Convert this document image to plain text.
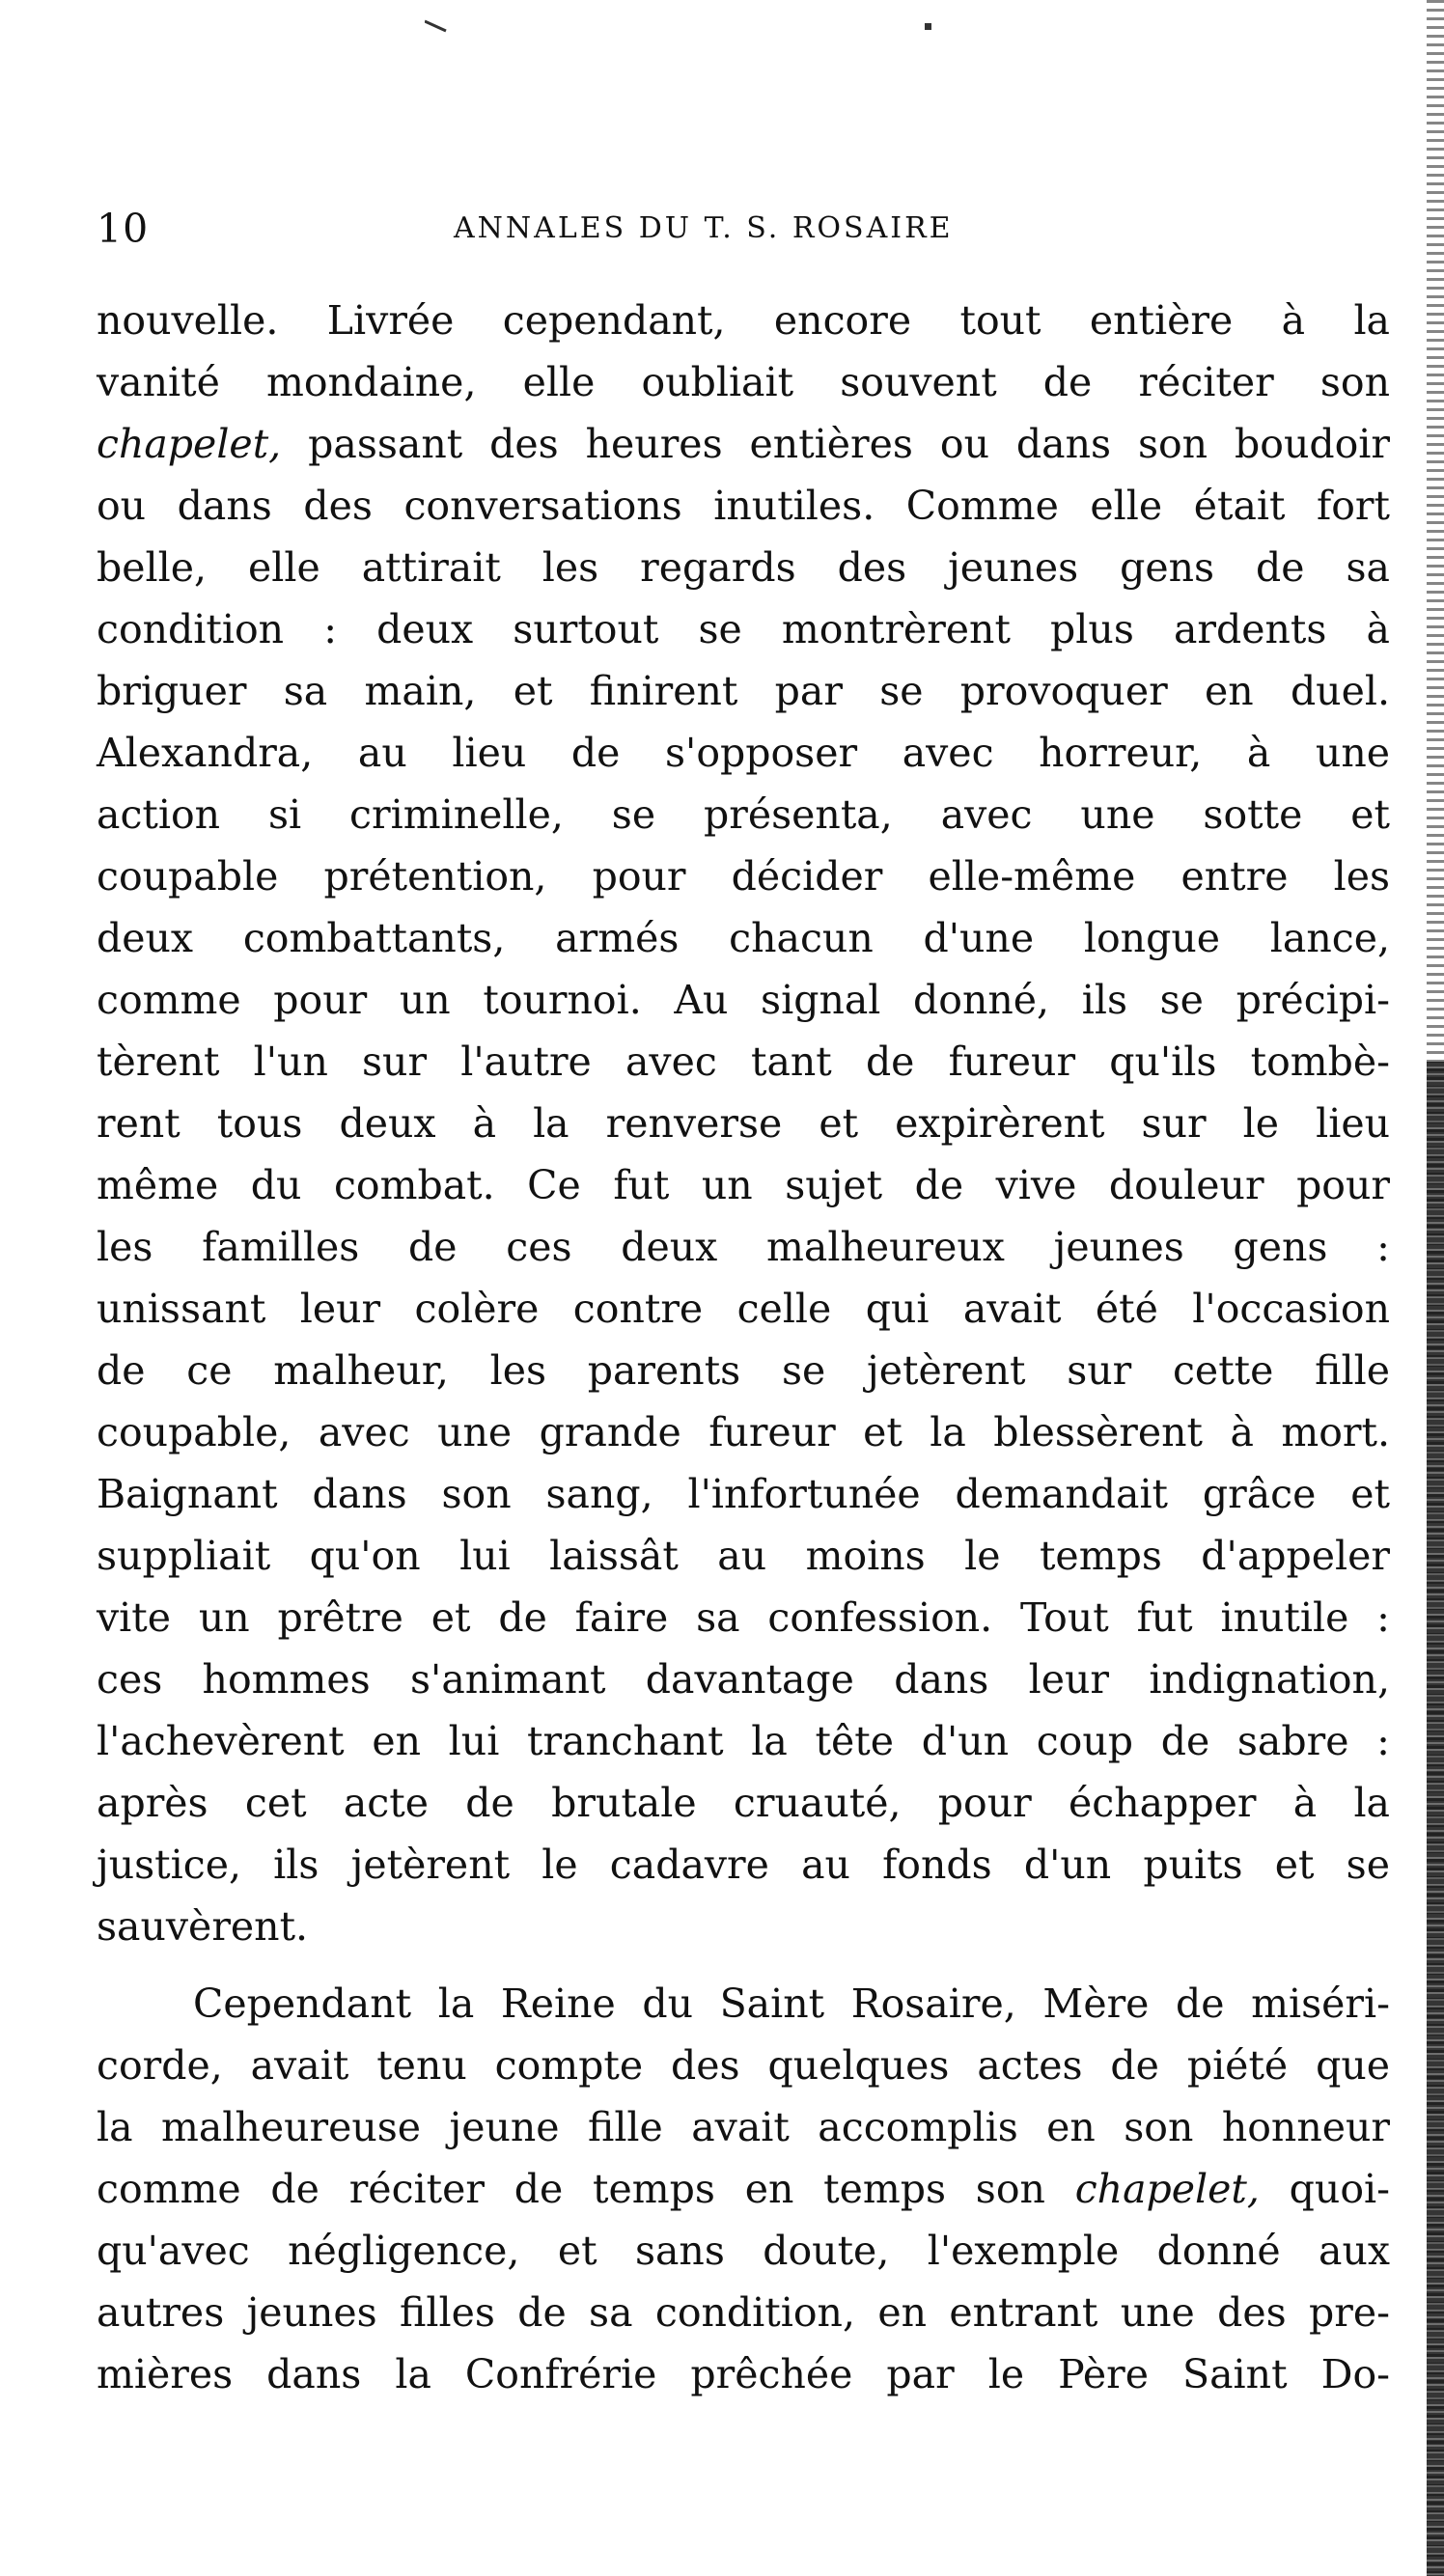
10	ANNALES DU T. S. ROSAIRE
nouvelle. Livrée cependant, encore tout entière à la
vanité mondaine, elle oubliait souvent de réciter son
chapelet, passant des heures entières ou dans son boudoir
ou dans des conversations inutiles. Comme elle était fort
belle, elle attirait les regards des jeunes gens de sa
condition : deux surtout se montrèrent plus ardents à
briguer sa main, et finirent par se provoquer en duel.
Alexandra, au lieu de s'opposer avec horreur, à une
action si criminelle, se présenta, avec une sotte et
coupable prétention, pour décider elle-même entre les
deux combattants, armés chacun d'une longue lance,
comme pour un tournoi. Au signal donné, ils se précipi-
tèrent l'un sur l'autre avec tant de fureur qu'ils tombè-
rent tous deux à la renverse et expirèrent sur le lieu
même du combat. Ce fut un sujet de vive douleur pour
les familles de ces deux malheureux jeunes gens :
unissant leur colère contre celle qui avait été l'occasion
de ce malheur, les parents se jetèrent sur cette fille
coupable, avec une grande fureur et la blessèrent à mort.
Baignant dans son sang, l'infortunée demandait grâce et
suppliait qu'on lui laissât au moins le temps d'appeler
vite un prêtre et de faire sa confession. Tout fut inutile :
ces hommes s'animant davantage dans leur indignation,
l'achevèrent en lui tranchant la tête d'un coup de sabre :
après cet acte de brutale cruauté, pour échapper à la
justice, ils jetèrent le cadavre au fonds d'un puits et se
sauvèrent.
Cependant la Reine du Saint Rosaire, Mère de miséri-
corde, avait tenu compte des quelques actes de piété que
la malheureuse jeune fille avait accomplis en son honneur
comme de réciter de temps en temps son chapelet, quoi-
qu'avec négligence, et sans doute, l'exemple donné aux
autres jeunes filles de sa condition, en entrant une des pre-
mières dans la Confrérie prêchée par le Père Saint Do-
